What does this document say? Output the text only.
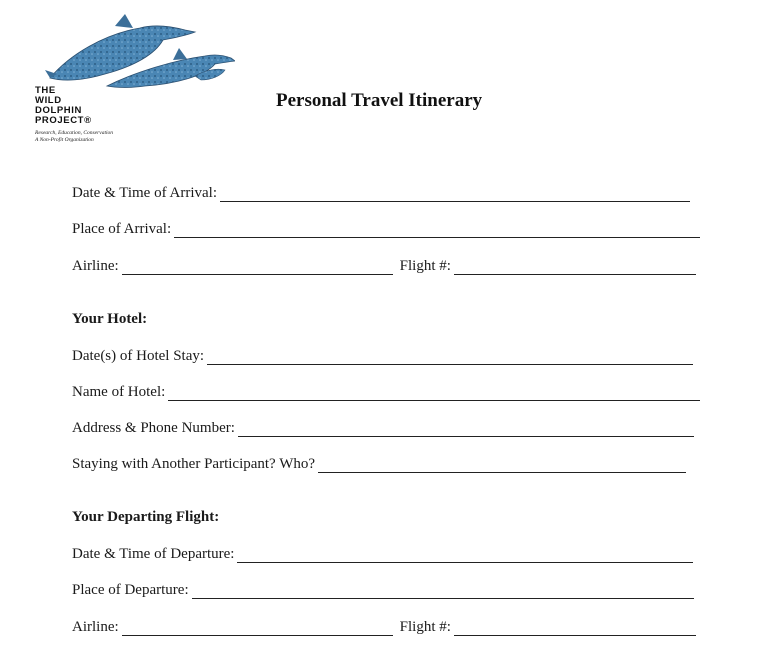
THE
WILD
DOLPHIN
PROJECT®
Research, Education, Conservation
A Non-Profit Organization
Personal Travel Itinerary
Date & Time of Arrival:
Place of Arrival:
Airline:	Flight #:
Your Hotel:
Date(s) of Hotel Stay:
Name of Hotel:
Address & Phone Number:
Staying with Another Participant? Who?
Your Departing Flight:
Date & Time of Departure:
Place of Departure:
Airline:	Flight #:
